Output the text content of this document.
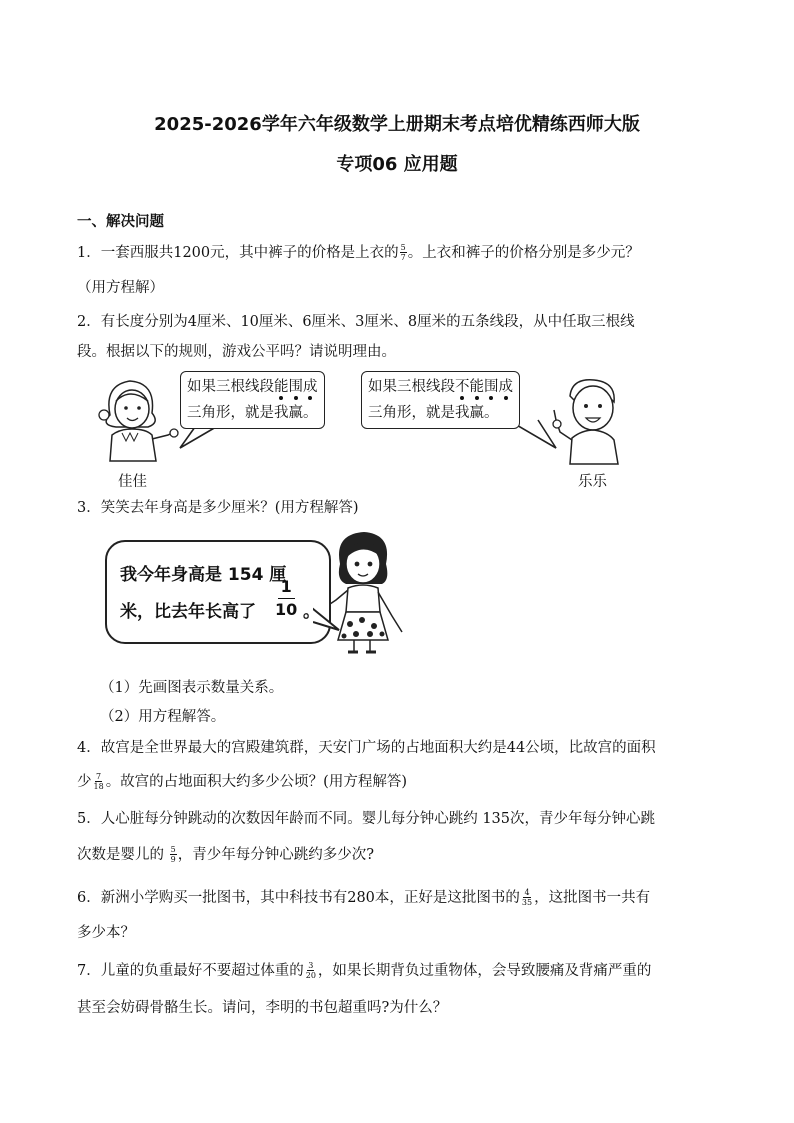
2025-2026学年六年级数学上册期末考点培优精练西师大版
专项06 应用题
一、解决问题
1．一套西服共1200元，其中裤子的价格是上衣的 $\frac{5}{7}$ 。上衣和裤子的价格分别是多少元？
（用方程解）
2．有长度分别为4厘米、10厘米、6厘米、3厘米、8厘米的五条线段，从中任取三根线
段。根据以下的规则，游戏公平吗？请说明理由。
佳佳
如果三根线段能围成
三角形，就是我赢。
如果三根线段不能围成
三角形，就是我赢。
乐乐
3．笑笑去年身高是多少厘米？(用方程解答)
我今年身高是 154 厘
米，比去年长高了
1
10 。
（1）先画图表示数量关系。
（2）用方程解答。
4．故宫是全世界最大的宫殿建筑群，天安门广场的占地面积大约是44公顷，比故宫的面积
少 $\frac{7}{18}$ 。故宫的占地面积大约多少公顷？(用方程解答)
5．人心脏每分钟跳动的次数因年龄而不同。婴儿每分钟心跳约 135次，青少年每分钟心跳
次数是婴儿的 $\frac{5}{9}$ ，青少年每分钟心跳约多少次?
6．新洲小学购买一批图书，其中科技书有280本，正好是这批图书的 $\frac{4}{35}$ ，这批图书一共有
多少本？
7．儿童的负重最好不要超过体重的 $\frac{3}{20}$ ，如果长期背负过重物体，会导致腰痛及背痛严重的
甚至会妨碍骨骼生长。请问，李明的书包超重吗?为什么？
